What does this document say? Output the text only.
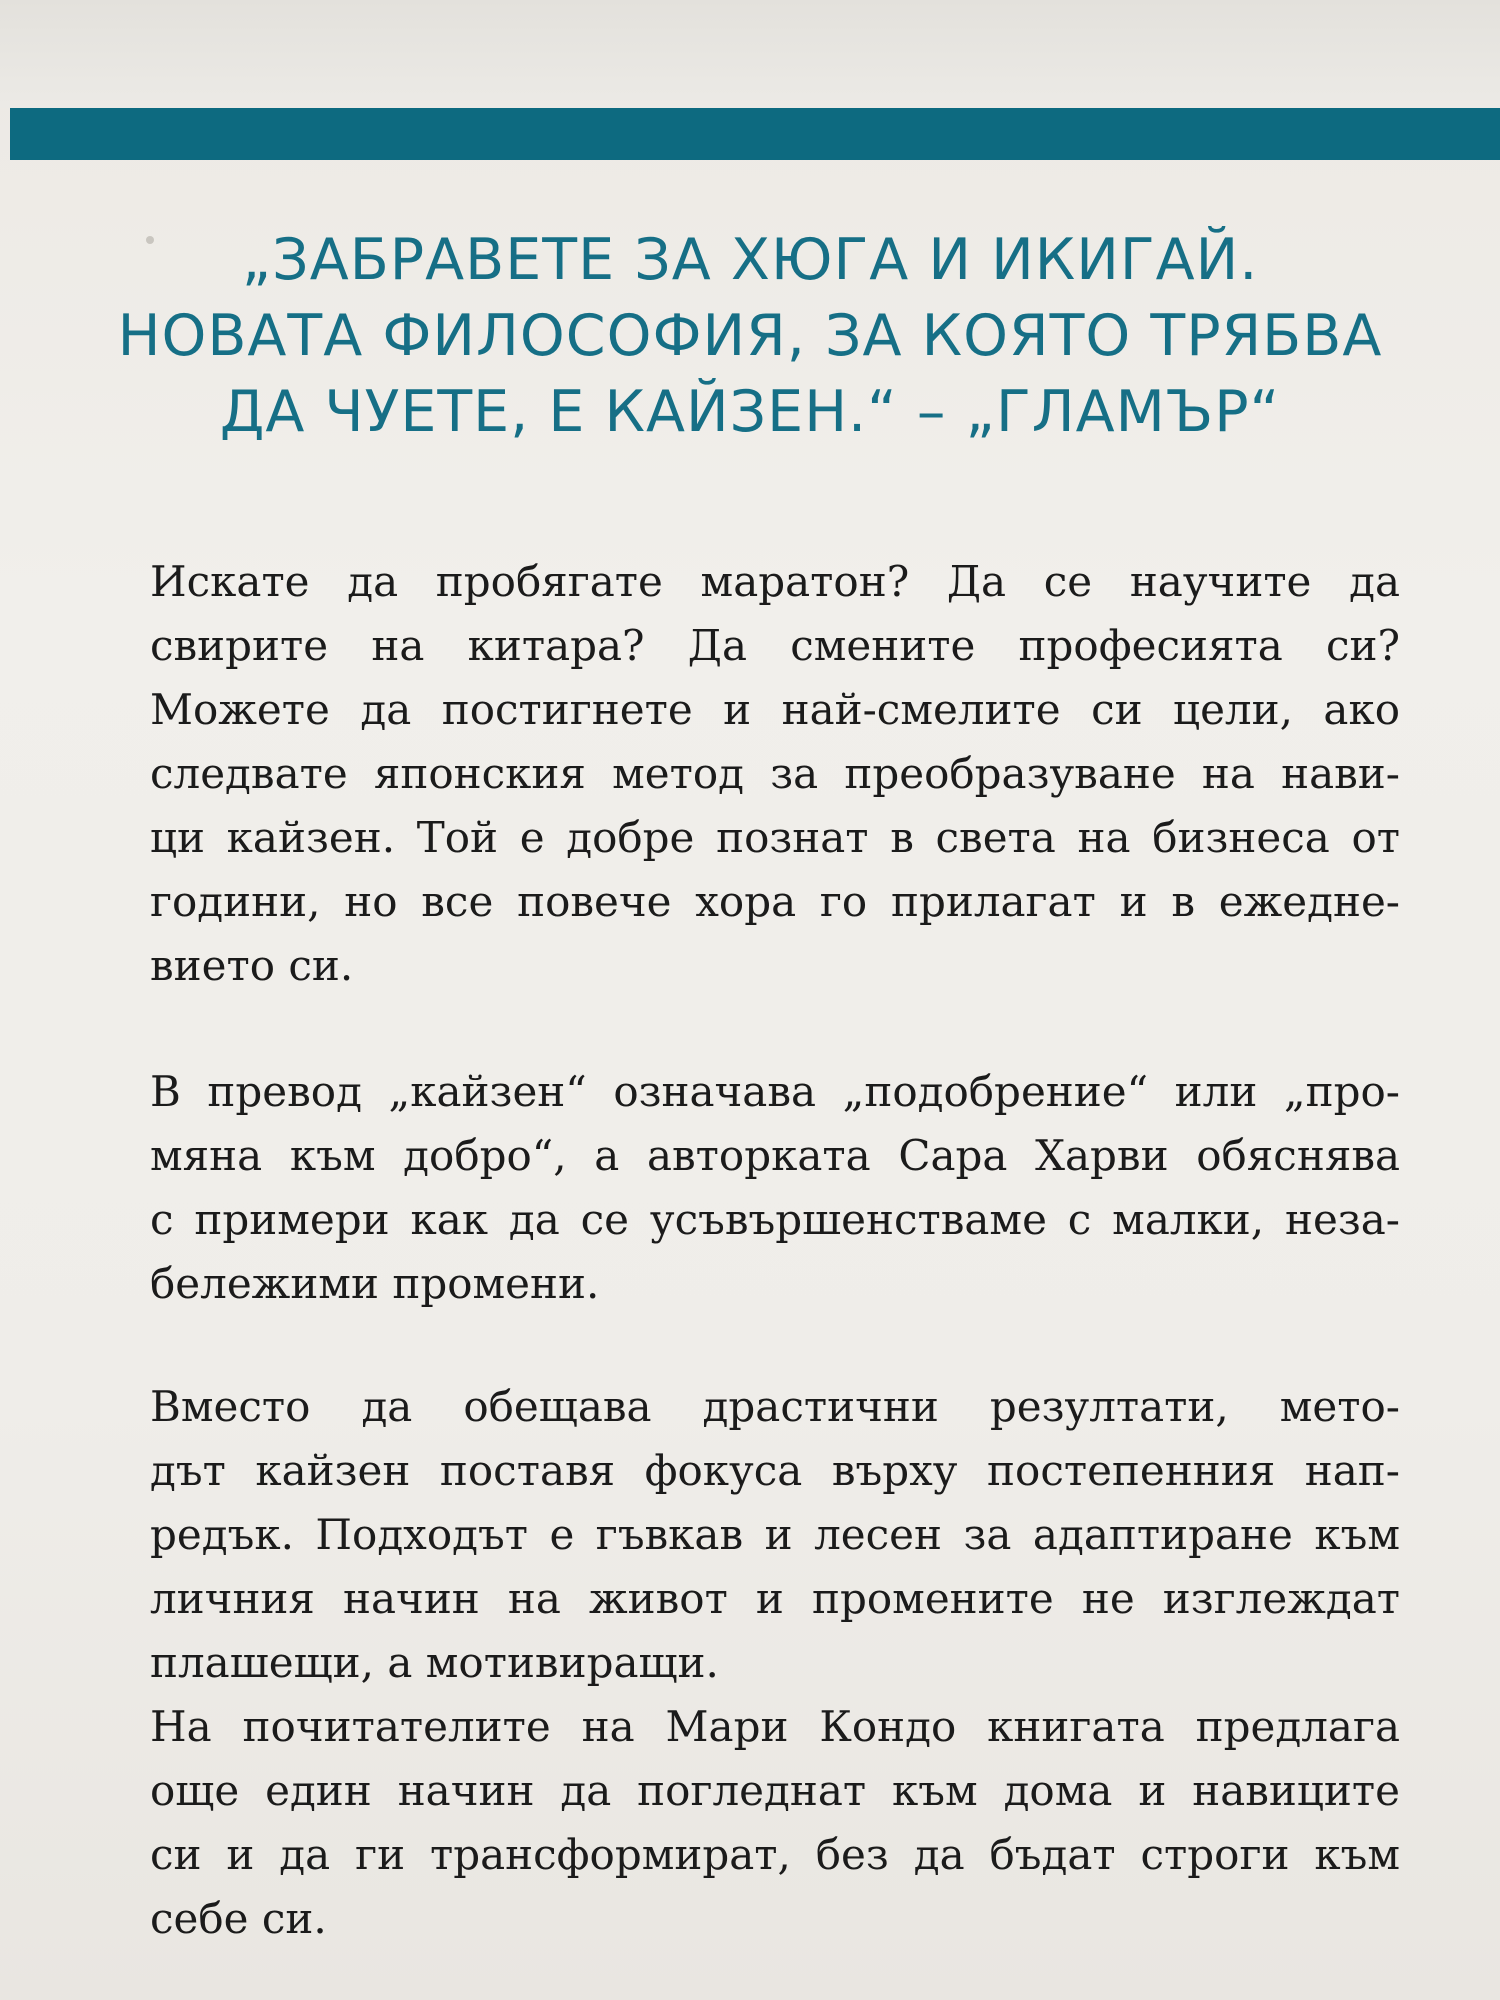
„ЗАБРАВЕТЕ ЗА ХЮГА И ИКИГАЙ.
НОВАТА ФИЛОСОФИЯ, ЗА КОЯТО ТРЯБВА
ДА ЧУЕТЕ, Е КАЙЗЕН.“ – „ГЛАМЪР“
Искате да пробягате маратон? Да се научите да
свирите на китара? Да смените професията си?
Можете да постигнете и най-смелите си цели, ако
следвате японския метод за преобразуване на нави-
ци кайзен. Той е добре познат в света на бизнеса от
години, но все повече хора го прилагат и в ежедне-
вието си.
В превод „кайзен“ означава „подобрение“ или „про-
мяна към добро“, а авторката Сара Харви обяснява
с примери как да се усъвършенстваме с малки, неза-
бележими промени.
Вместо да обещава драстични резултати, мето-
дът кайзен поставя фокуса върху постепенния нап-
редък. Подходът е гъвкав и лесен за адаптиране към
личния начин на живот и промените не изглеждат
плашещи, а мотивиращи.
На почитателите на Мари Кондо книгата предлага
още един начин да погледнат към дома и навиците
си и да ги трансформират, без да бъдат строги към
себе си.
